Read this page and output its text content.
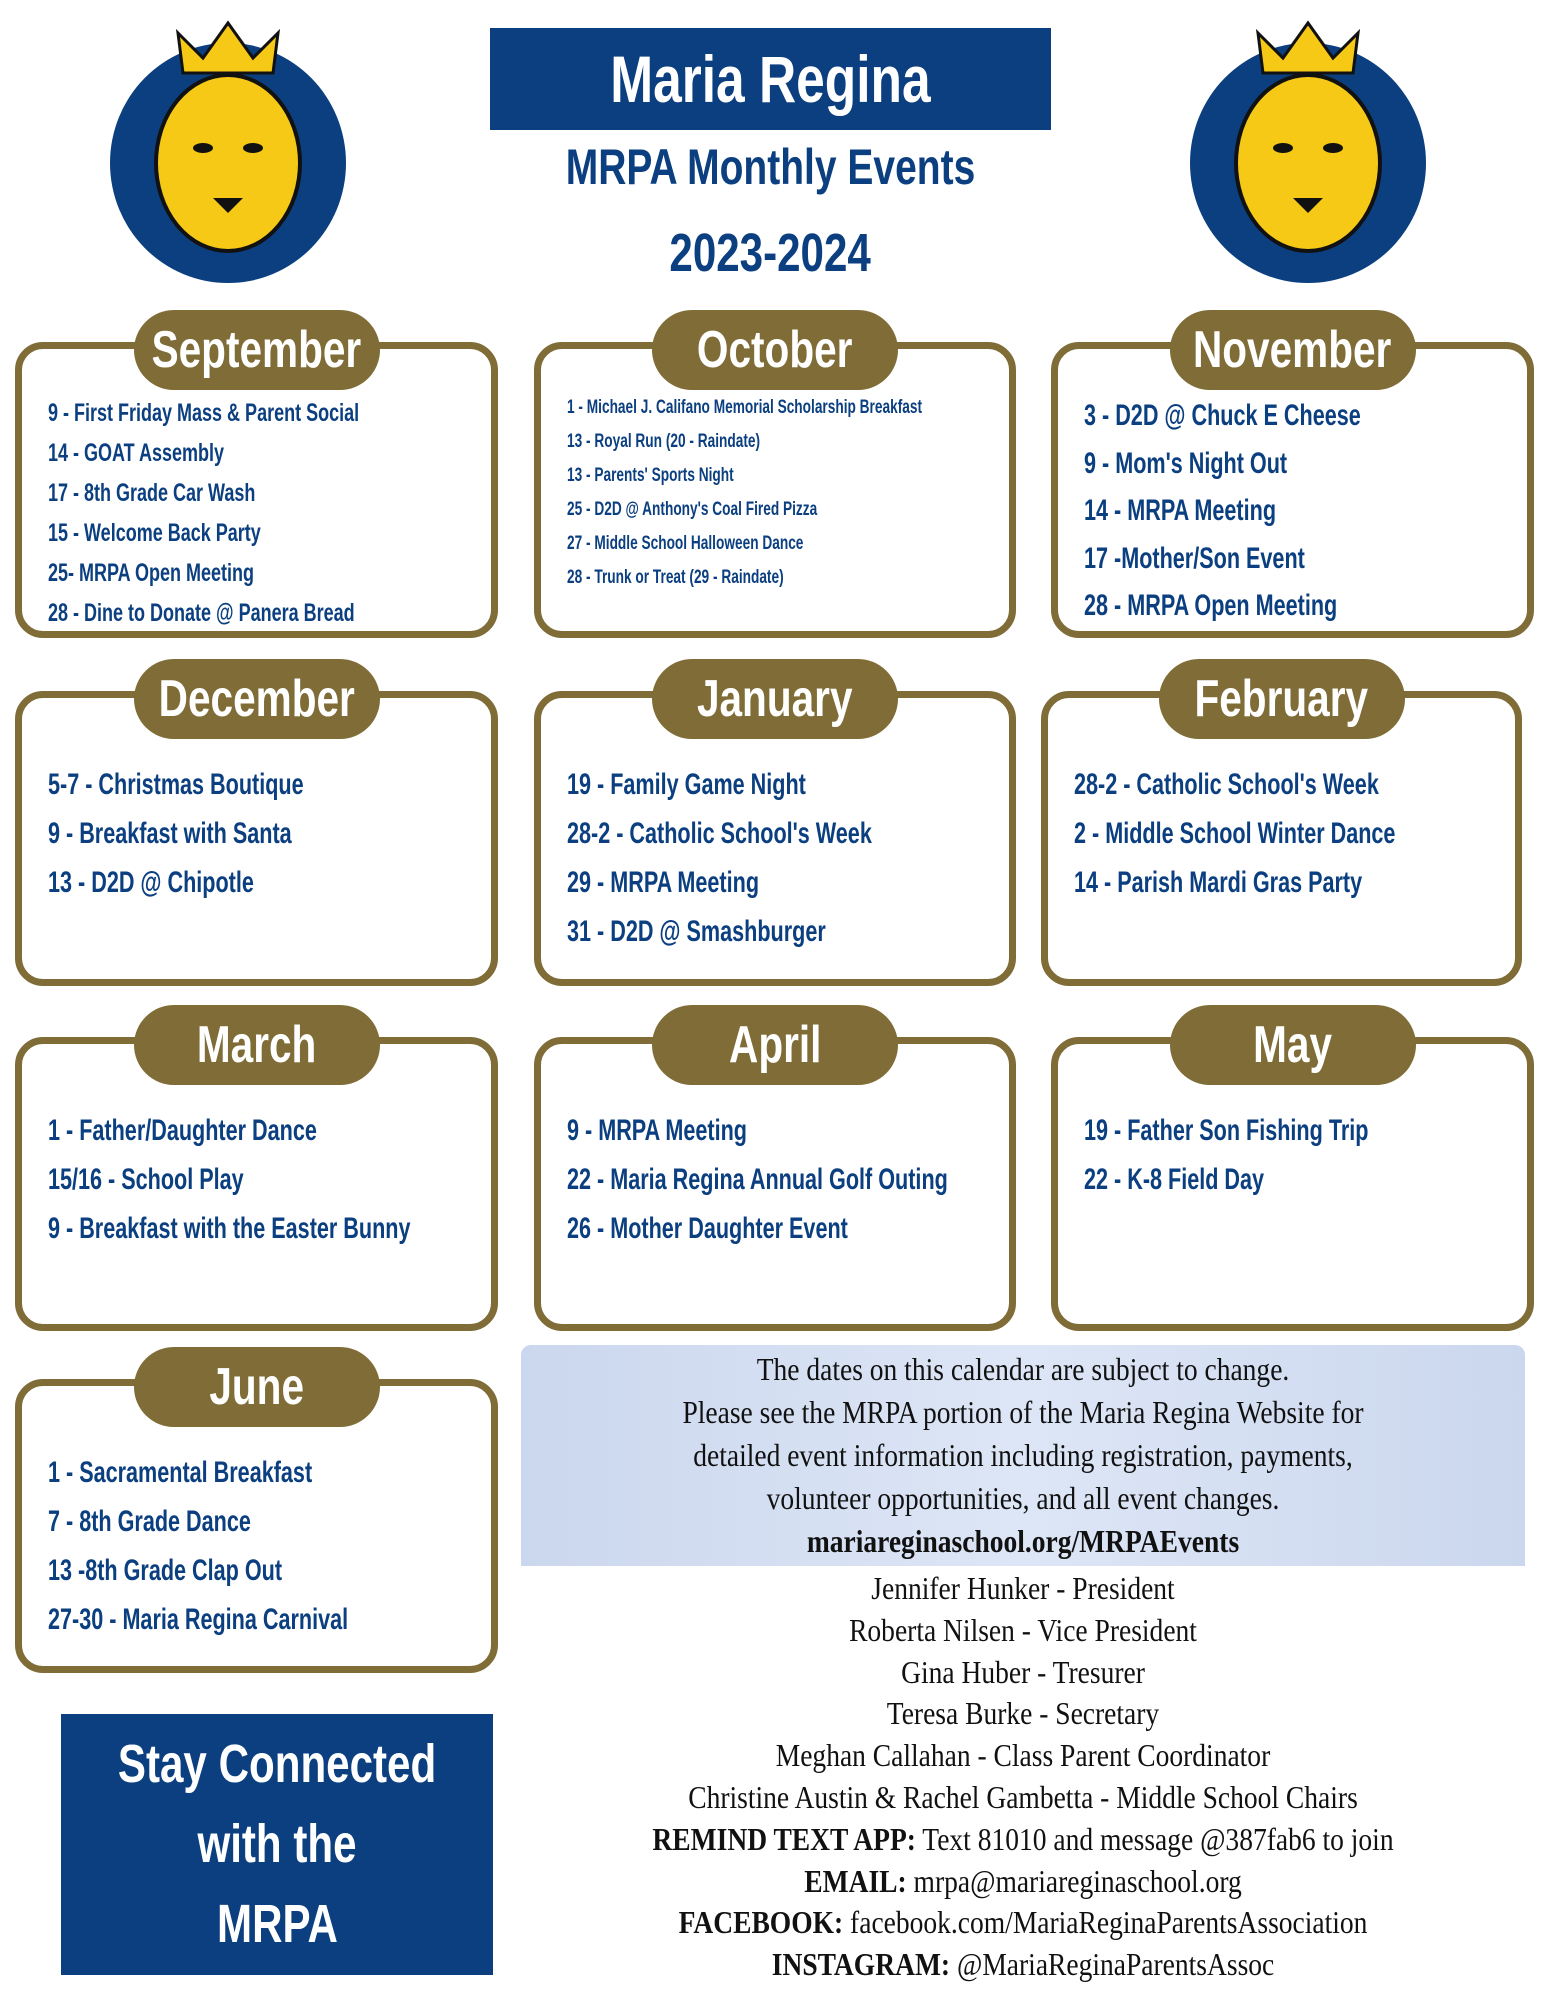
Maria Regina
MRPA Monthly Events
2023-2024
9 - First Friday Mass & Parent Social
14 - GOAT Assembly
17 - 8th Grade Car Wash
15 - Welcome Back Party
25- MRPA Open Meeting
28 - Dine to Donate @ Panera Bread
September
1 - Michael J. Califano Memorial Scholarship Breakfast
13 - Royal Run (20 - Raindate)
13 - Parents' Sports Night
25 - D2D @ Anthony's Coal Fired Pizza
27 - Middle School Halloween Dance
28 - Trunk or Treat (29 - Raindate)
October
3 - D2D @ Chuck E Cheese
9 - Mom's Night Out
14 - MRPA Meeting
17 -Mother/Son Event
28 - MRPA Open Meeting
November
5-7 - Christmas Boutique
9 - Breakfast with Santa
13 - D2D @ Chipotle
December
19 - Family Game Night
28-2 - Catholic School's Week
29 - MRPA Meeting
31 - D2D @ Smashburger
January
28-2 - Catholic School's Week
2 - Middle School Winter Dance
14 - Parish Mardi Gras Party
February
1 - Father/Daughter Dance
15/16 - School Play
9 - Breakfast with the Easter Bunny
March
9 - MRPA Meeting
22 - Maria Regina Annual Golf Outing
26 - Mother Daughter Event
April
19 - Father Son Fishing Trip
22 - K-8 Field Day
May
1 - Sacramental Breakfast
7 - 8th Grade Dance
13 -8th Grade Clap Out
27-30 - Maria Regina Carnival
June	The dates on this calendar are subject to change.
Please see the MRPA portion of the Maria Regina Website for
detailed event information including registration, payments,
volunteer opportunities, and all event changes.
mariareginaschool.org/MRPAEvents
Jennifer Hunker - President
Roberta Nilsen - Vice President
Gina Huber - Tresurer
Teresa Burke - Secretary
Meghan Callahan - Class Parent Coordinator
Christine Austin & Rachel Gambetta - Middle School Chairs
REMIND TEXT APP: Text 81010 and message @387fab6 to join
EMAIL: mrpa@mariareginaschool.org
FACEBOOK: facebook.com/MariaReginaParentsAssociation
INSTAGRAM: @MariaReginaParentsAssoc
Stay Connected
with the
MRPA
